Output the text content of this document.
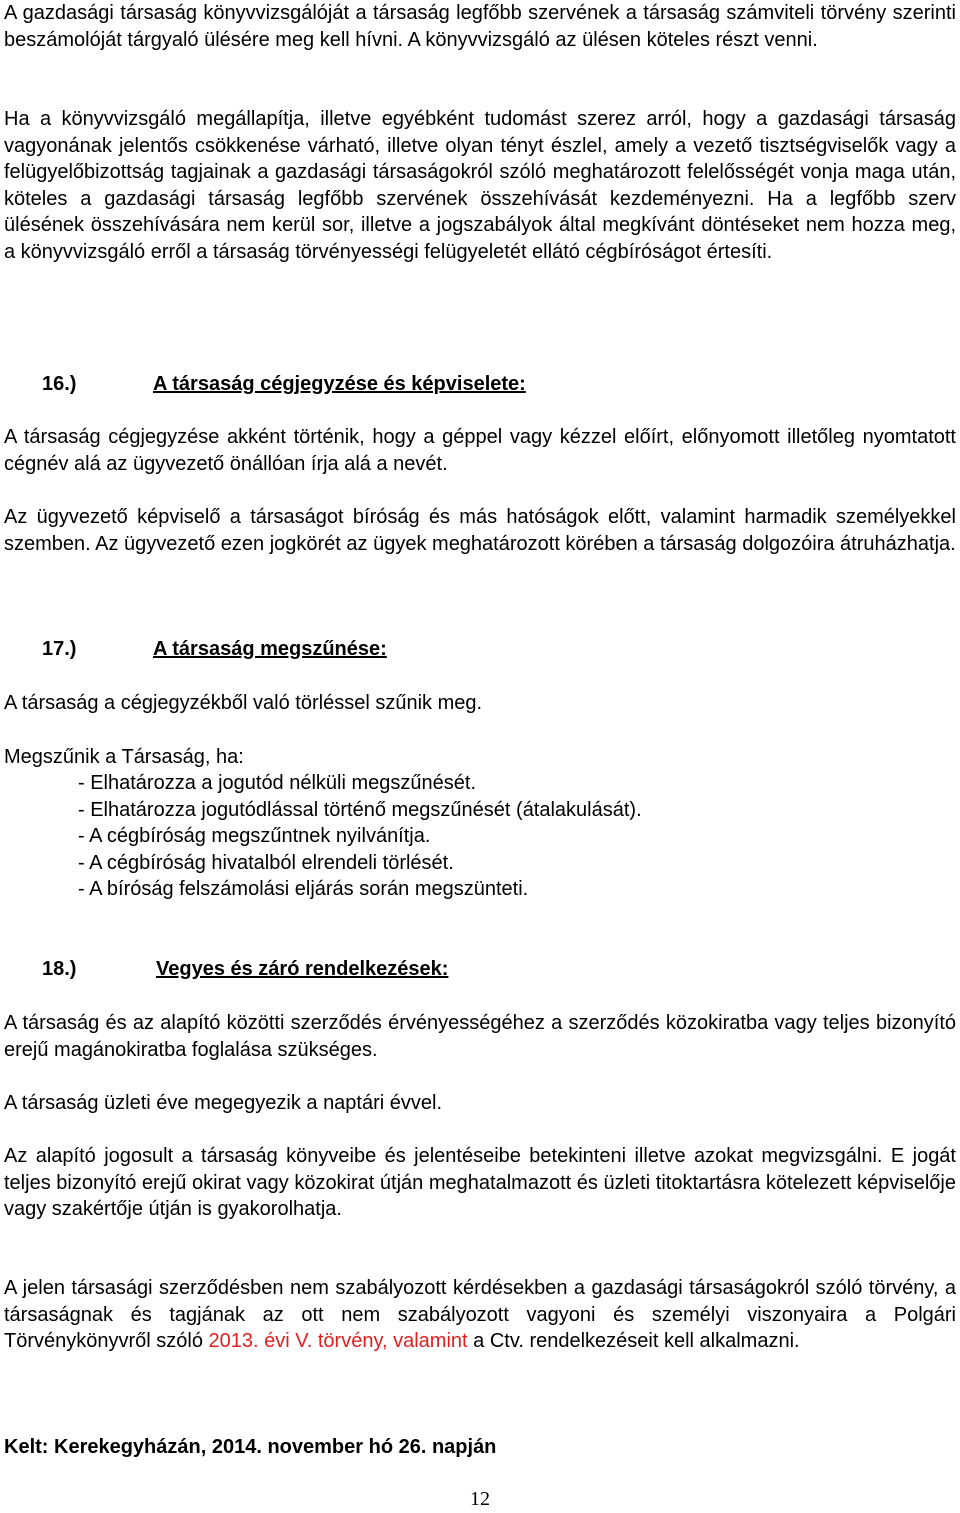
A gazdasági társaság könyvvizsgálóját a társaság legfőbb szervének a társaság számviteli törvény szerinti beszámolóját tárgyaló ülésére meg kell hívni. A könyvvizsgáló az ülésen köteles részt venni.

Ha a könyvvizsgáló megállapítja, illetve egyébként tudomást szerez arról, hogy a gazdasági társaság vagyonának jelentős csökkenése várható, illetve olyan tényt észlel, amely a vezető tisztségviselők vagy a felügyelőbizottság tagjainak a gazdasági társaságokról szóló meghatározott felelősségét vonja maga után, köteles a gazdasági társaság legfőbb szervének összehívását kezdeményezni. Ha a legfőbb szerv ülésének összehívására nem kerül sor, illetve a jogszabályok által megkívánt döntéseket nem hozza meg, a könyvvizsgáló erről a társaság törvényességi felügyeletét ellátó cégbíróságot értesíti.

16.)	A társaság cégjegyzése és képviselete:

A társaság cégjegyzése akként történik, hogy a géppel vagy kézzel előírt, előnyomott illetőleg nyomtatott cégnév alá az ügyvezető önállóan írja alá a nevét.

Az ügyvezető képviselő a társaságot bíróság és más hatóságok előtt, valamint harmadik személyekkel szemben. Az ügyvezető ezen jogkörét az ügyek meghatározott körében a társaság dolgozóira átruházhatja.

17.)	A társaság megszűnése:

A társaság a cégjegyzékből való törléssel szűnik meg.

Megszűnik a Társaság, ha:

- Elhatározza a jogutód nélküli megszűnését.
- Elhatározza jogutódlással történő megszűnését (átalakulását).
- A cégbíróság megszűntnek nyilvánítja.
- A cégbíróság hivatalból elrendeli törlését.
- A bíróság felszámolási eljárás során megszünteti.
18.)	Vegyes és záró rendelkezések:

A társaság és az alapító közötti szerződés érvényességéhez a szerződés közokiratba vagy teljes bizonyító erejű magánokiratba foglalása szükséges.

A társaság üzleti éve megegyezik a naptári évvel.

Az alapító jogosult a társaság könyveibe és jelentéseibe betekinteni illetve azokat megvizsgálni. E jogát teljes bizonyító erejű okirat vagy közokirat útján meghatalmazott és üzleti titoktartásra kötelezett képviselője vagy szakértője útján is gyakorolhatja.

A jelen társasági szerződésben nem szabályozott kérdésekben a gazdasági társaságokról szóló törvény, a társaságnak és tagjának az ott nem szabályozott vagyoni és személyi viszonyaira a Polgári Törvénykönyvről szóló 2013. évi V. törvény, valamint a Ctv. rendelkezéseit kell alkalmazni.

Kelt: Kerekegyházán, 2014. november hó 26. napján

12
